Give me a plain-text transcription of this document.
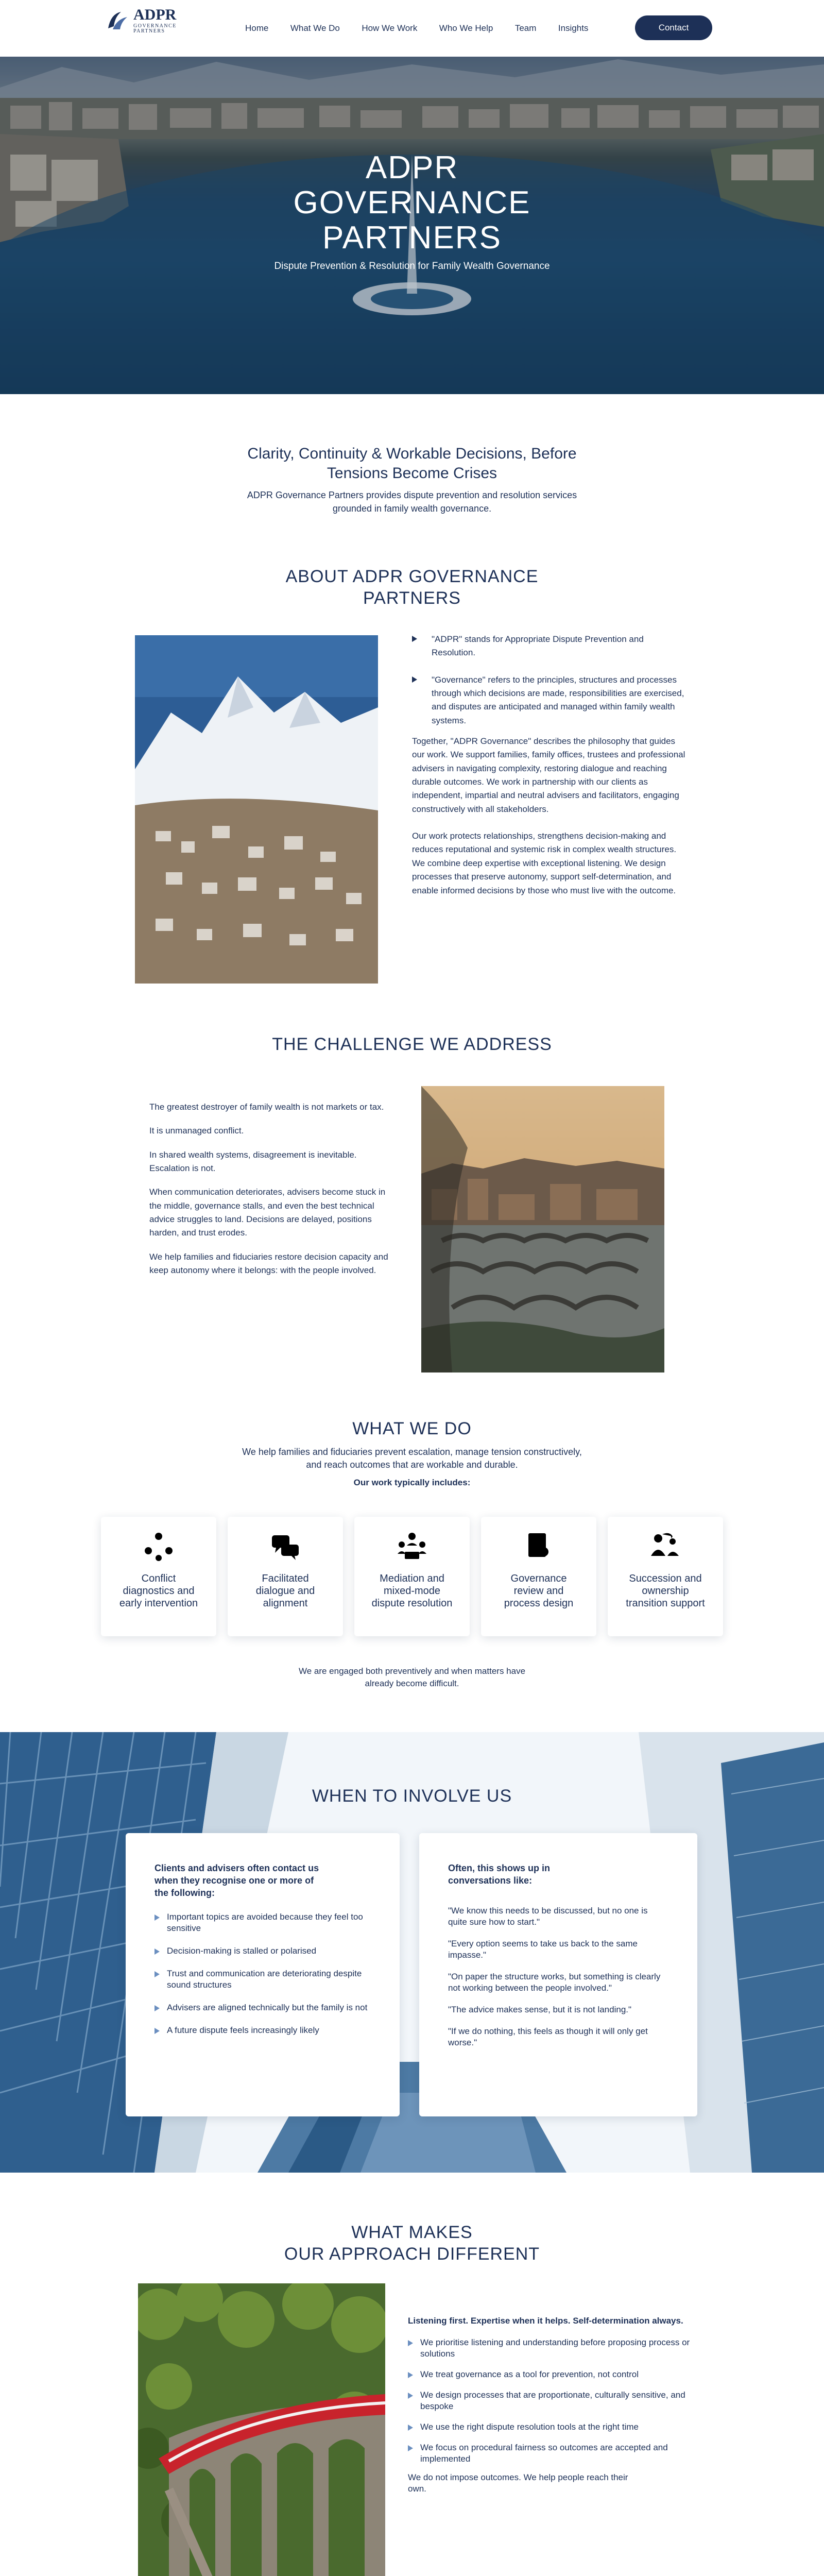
ADPR
GOVERNANCE
PARTNERS	Home What We Do How We Work Who We Help Team Insights	Contact
ADPR
GOVERNANCE
PARTNERS
Dispute Prevention & Resolution for Family Wealth Governance
Clarity, Continuity & Workable Decisions, Before
Tensions Become Crises
ADPR Governance Partners provides dispute prevention and resolution services
grounded in family wealth governance.
ABOUT ADPR GOVERNANCE
PARTNERS

"ADPR" stands for Appropriate Dispute Prevention and Resolution.

"Governance" refers to the principles, structures and processes through which decisions are made, responsibilities are exercised, and disputes are anticipated and managed within family wealth systems.

Together, "ADPR Governance" describes the philosophy that guides our work. We support families, family offices, trustees and professional advisers in navigating complexity, restoring dialogue and reaching durable outcomes. We work in partnership with our clients as independent, impartial and neutral advisers and facilitators, engaging constructively with all stakeholders.

Our work protects relationships, strengthens decision-making and reduces reputational and systemic risk in complex wealth structures. We combine deep expertise with exceptional listening. We design processes that preserve autonomy, support self-determination, and enable informed decisions by those who must live with the outcome.

THE CHALLENGE WE ADDRESS

The greatest destroyer of family wealth is not markets or tax.

It is unmanaged conflict.

In shared wealth systems, disagreement is inevitable. Escalation is not.

When communication deteriorates, advisers become stuck in the middle, governance stalls, and even the best technical advice struggles to land. Decisions are delayed, positions harden, and trust erodes.

We help families and fiduciaries restore decision capacity and keep autonomy where it belongs: with the people involved.

WHAT WE DO
We help families and fiduciaries prevent escalation, manage tension constructively,
and reach outcomes that are workable and durable.
Our work typically includes:
Conflict
diagnostics and
early intervention
Facilitated
dialogue and
alignment
Mediation and
mixed-mode
dispute resolution
Governance
review and
process design
Succession and
ownership
transition support
We are engaged both preventively and when matters have
already become difficult.
WHEN TO INVOLVE US
Clients and advisers often contact us
when they recognise one or more of
the following:

Important topics are avoided because they feel too sensitive

Decision-making is stalled or polarised

Trust and communication are deteriorating despite sound structures

Advisers are aligned technically but the family is not

A future dispute feels increasingly likely

Often, this shows up in
conversations like:

"We know this needs to be discussed, but no one is quite sure how to start."

"Every option seems to take us back to the same impasse."

"On paper the structure works, but something is clearly not working between the people involved."

"The advice makes sense, but it is not landing."

"If we do nothing, this feels as though it will only get worse."

WHAT MAKES
OUR APPROACH DIFFERENT

Listening first. Expertise when it helps. Self-determination always.

We prioritise listening and understanding before proposing process or solutions

We treat governance as a tool for prevention, not control

We design processes that are proportionate, culturally sensitive, and bespoke

We use the right dispute resolution tools at the right time

We focus on procedural fairness so outcomes are accepted and implemented

We do not impose outcomes. We help people reach their own.
